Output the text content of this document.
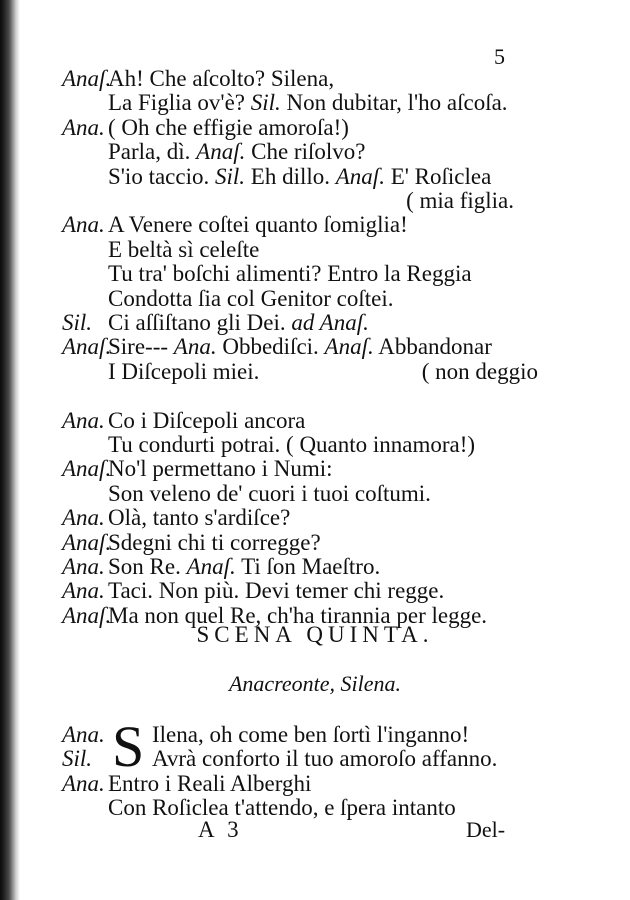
5
Anaſ.
Ah! Che aſcolto? Silena,
La Figlia ov'è? Sil. Non dubitar, l'ho aſcoſa.
Ana. ( Oh che effigie amoroſa!)
Parla, dì. Anaſ. Che riſolvo?
S'io taccio. Sil. Eh dillo. Anaſ. E' Roſiclea
( mia figlia.
Ana. A Venere coſtei quanto ſomiglia!
E beltà sì celeſte
Tu tra' boſchi alimenti? Entro la Reggia
Condotta ſia col Genitor coſtei.
Sil. Ci aſſiſtano gli Dei. ad Anaſ.
Anaſ.
Sire--- Ana. Obbediſci. Anaſ. Abbandonar
I Diſcepoli miei.	( non deggio
Ana. Co i Diſcepoli ancora
Tu condurti potrai. ( Quanto innamora!)
Anaſ.
No'l permettano i Numi:
Son veleno de' cuori i tuoi coſtumi.
Ana. Olà, tanto s'ardiſce?
Anaſ.
Sdegni chi ti corregge?
Ana. Son Re. Anaſ. Ti ſon Maeſtro.
Ana. Taci. Non più. Devi temer chi regge.
Anaſ.
Ma non quel Re, ch'ha tirannia per legge.
SCENA QUINTA.
Anacreonte, Silena.
S
Ana. Ilena, oh come ben ſortì l'inganno!
Sil.	Avrà conforto il tuo amoroſo affanno.
Ana. Entro i Reali Alberghi
Con Roſiclea t'attendo, e ſpera intanto
A 3	Del-
